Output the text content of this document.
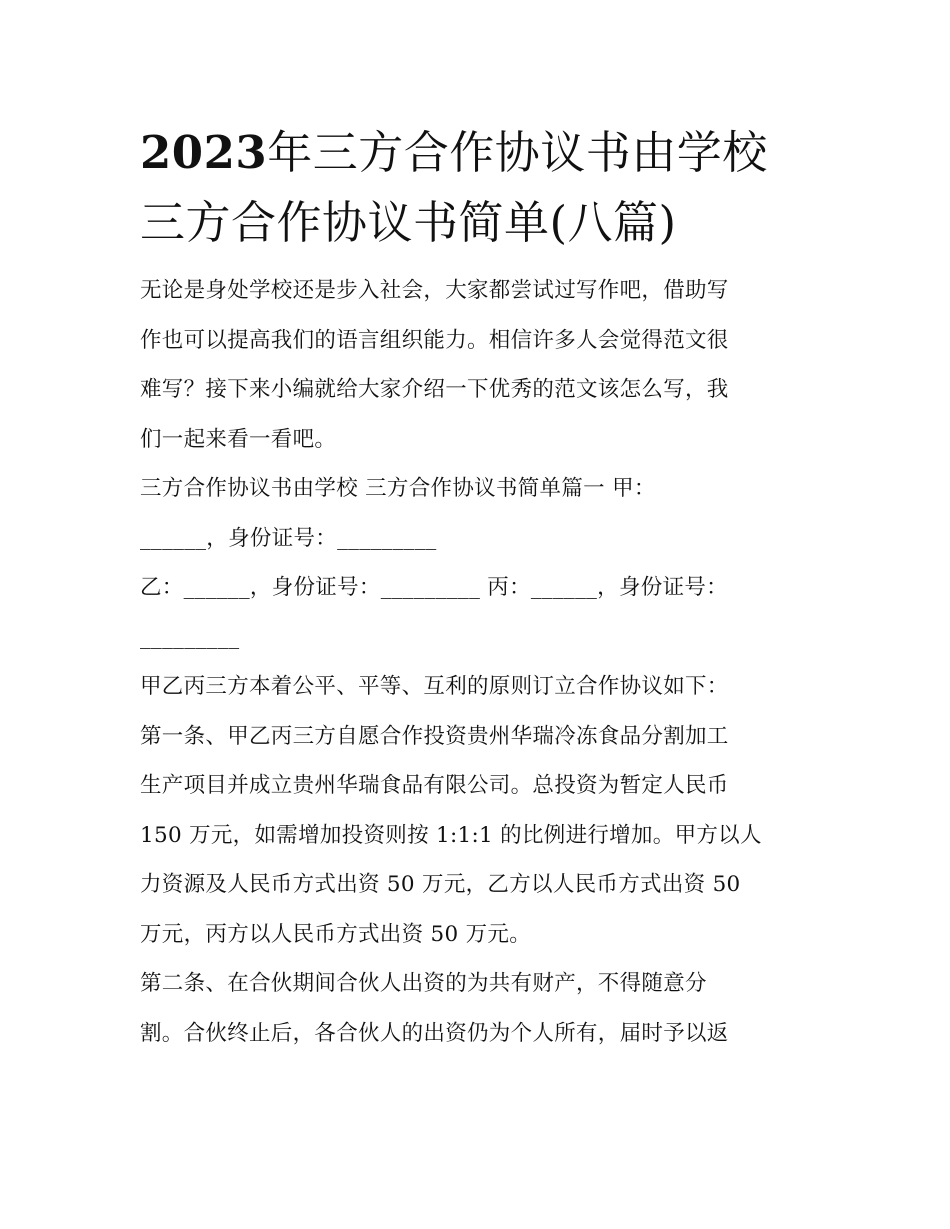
2023年三方合作协议书由学校
三方合作协议书简单(八篇)
无论是身处学校还是步入社会，大家都尝试过写作吧，借助写
作也可以提高我们的语言组织能力。相信许多人会觉得范文很
难写？接下来小编就给大家介绍一下优秀的范文该怎么写，我
们一起来看一看吧。
三方合作协议书由学校 三方合作协议书简单篇一 甲：
______，身份证号：_________
乙：______，身份证号：_________ 丙：______，身份证号：
_________
甲乙丙三方本着公平、平等、互利的原则订立合作协议如下：
第一条、甲乙丙三方自愿合作投资贵州华瑞冷冻食品分割加工
生产项目并成立贵州华瑞食品有限公司。总投资为暂定人民币
150 万元，如需增加投资则按 1:1:1 的比例进行增加。甲方以人
力资源及人民币方式出资 50 万元，乙方以人民币方式出资 50
万元，丙方以人民币方式出资 50 万元。
第二条、在合伙期间合伙人出资的为共有财产，不得随意分
割。合伙终止后，各合伙人的出资仍为个人所有，届时予以返
